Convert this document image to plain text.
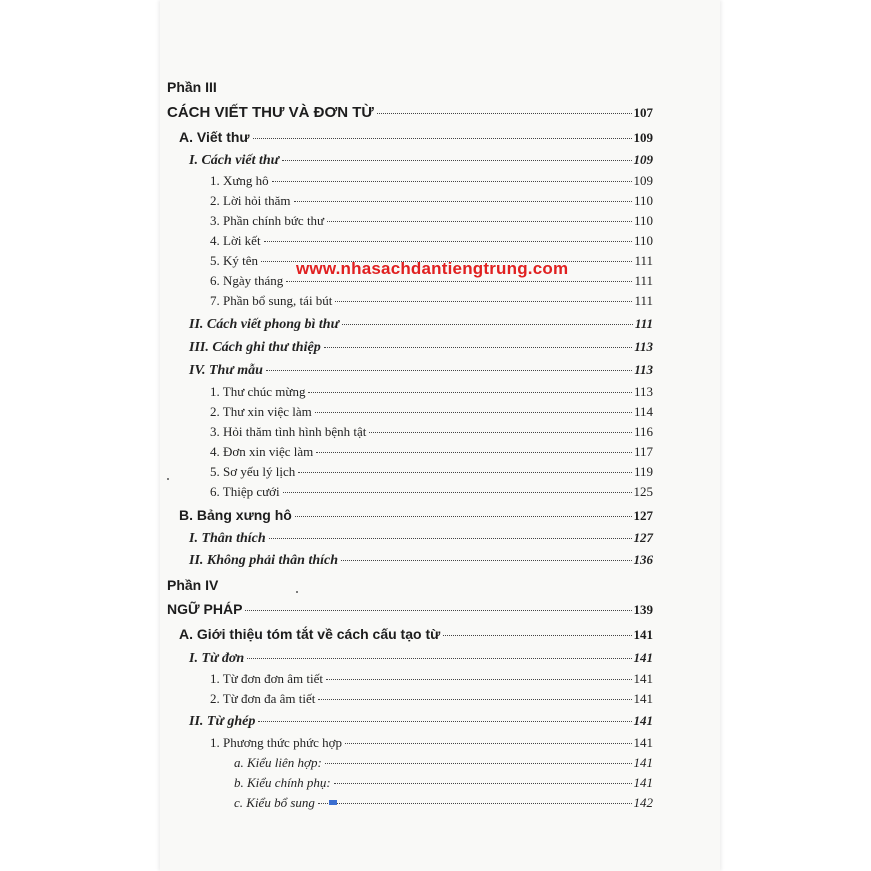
Phần III
CÁCH VIẾT THƯ VÀ ĐƠN TỪ	107
A. Viết thư	109
I. Cách viết thư	109
1. Xưng hô	109
2. Lời hỏi thăm	110
3. Phần chính bức thư	110
4. Lời kết	110
5. Ký tên	111
6. Ngày tháng	111
7. Phần bổ sung, tái bút	111
II. Cách viết phong bì thư	111
III. Cách ghi thư thiệp	113
IV. Thư mẫu	113
1. Thư chúc mừng	113
2. Thư xin việc làm	114
3. Hỏi thăm tình hình bệnh tật	116
4. Đơn xin việc làm	117
5. Sơ yếu lý lịch	119
6. Thiệp cưới	125
B. Bảng xưng hô	127
I. Thân thích	127
II. Không phải thân thích	136
Phần IV
NGỮ PHÁP	139
A. Giới thiệu tóm tắt về cách cấu tạo từ	141
I. Từ đơn	141
1. Từ đơn đơn âm tiết	141
2. Từ đơn đa âm tiết	141
II. Từ ghép	141
1. Phương thức phức hợp	141
a. Kiểu liên hợp:	141
b. Kiểu chính phụ:	141
c. Kiểu bổ sung	142
www.nhasachdantiengtrung.com
